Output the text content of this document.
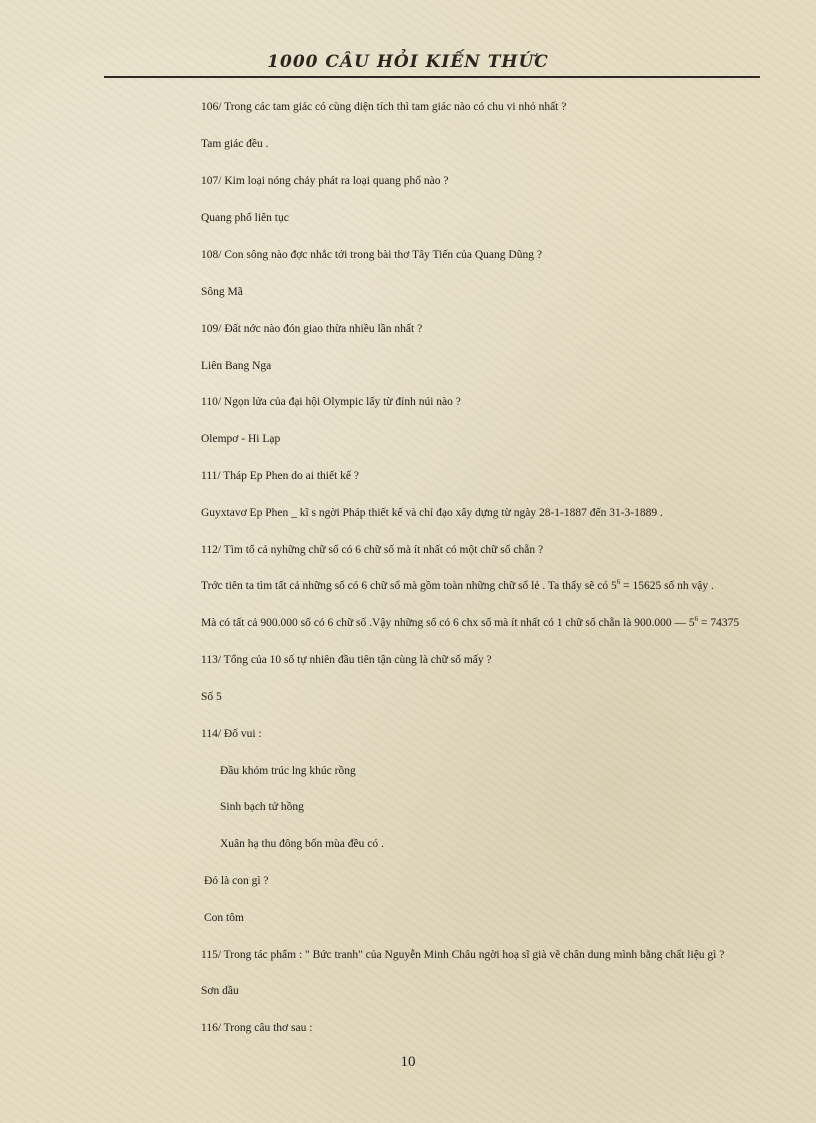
1000 CÂU HỎI KIẾN THỨC
106/ Trong các tam giác có cùng diện tích thì tam giác nào có chu vi nhỏ nhất ?
Tam giác đều .
107/ Kim loại nóng chảy phát ra loại quang phổ nào ?
Quang phổ liên tục
108/ Con sông nào đợc nhắc tới trong bài thơ Tây Tiến của Quang Dũng ?
Sông Mã
109/ Đất nớc nào đón giao thừa nhiều lần nhất ?
Liên Bang Nga
110/ Ngọn lửa của đại hội Olympic lấy từ đỉnh núi nào ?
Olempơ - Hi Lạp
111/ Tháp Ep Phen do ai thiết kế ?
Guyxtavơ Ep Phen _ kĩ s ngời Pháp thiết kế và chỉ đạo xây dựng từ ngày 28-1-1887 đến 31-3-1889 .
112/ Tìm tổ cả nyhững chữ số có 6 chữ số mà ít nhất có một chữ số chẵn ?
Trớc tiên ta tìm tất cả những số có 6 chữ số mà gồm toàn những chữ số lẻ . Ta thấy sẽ có $5^6 = 15625$ số nh vậy .
Mà có tất cả 900.000 số có 6 chữ số .Vậy những số có 6 chx số mà ít nhất có 1 chữ số chẵn là 900.000 — $5^6 = 74375$
113/ Tổng của 10 số tự nhiên đầu tiên tận cùng là chữ số mấy ?
Số 5
114/ Đố vui :
Đầu khóm trúc lng khúc rồng
Sinh bạch tử hồng
Xuân hạ thu đông bốn mùa đều có .
Đó là con gì ?
Con tôm
115/ Trong tác phẩm : " Bức tranh" của Nguyễn Minh Châu ngời hoạ sĩ già vẽ chân dung mình bằng chất liệu gì ?
Sơn dầu
116/ Trong câu thơ sau :
10
